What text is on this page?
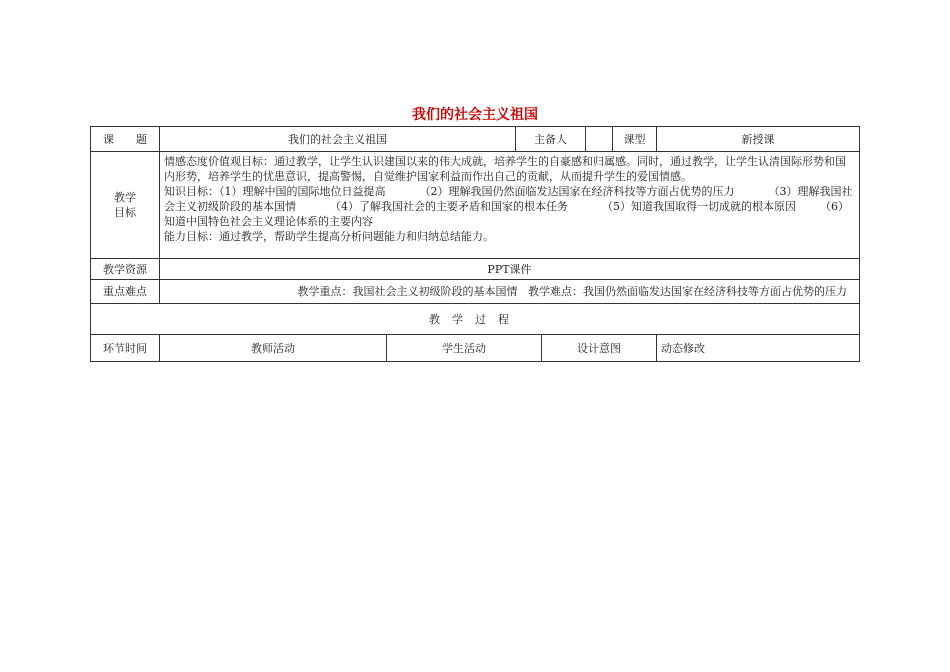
我们的社会主义祖国
课　　题	我们的社会主义祖国		主备人			课型	新授课
教学
目标	情感态度价值观目标：通过教学，让学生认识建国以来的伟大成就，培养学生的自豪感和归属感。同时，通过教学，让学生认清国际形势和国内形势，培养学生的忧患意识，提高警惕，自觉维护国家利益而作出自己的贡献，从而提升学生的爱国情感。
知识目标：（1）理解中国的国际地位日益提高 （2）理解我国仍然面临发达国家在经济科技等方面占优势的压力 （3）理解我国社会主义初级阶段的基本国情 （4）了解我国社会的主要矛盾和国家的根本任务 （5）知道我国取得一切成就的根本原因 （6）知道中国特色社会主义理论体系的主要内容
能力目标：通过教学，帮助学生提高分析问题能力和归纳总结能力。						

教学资源	PPT课件						
重点难点	教学重点：我国社会主义初级阶段的基本国情 教学难点：我国仍然面临发达国家在经济科技等方面占优势的压力						
教学过程							
环节时间	教师活动	学生活动		设计意图			动态修改
